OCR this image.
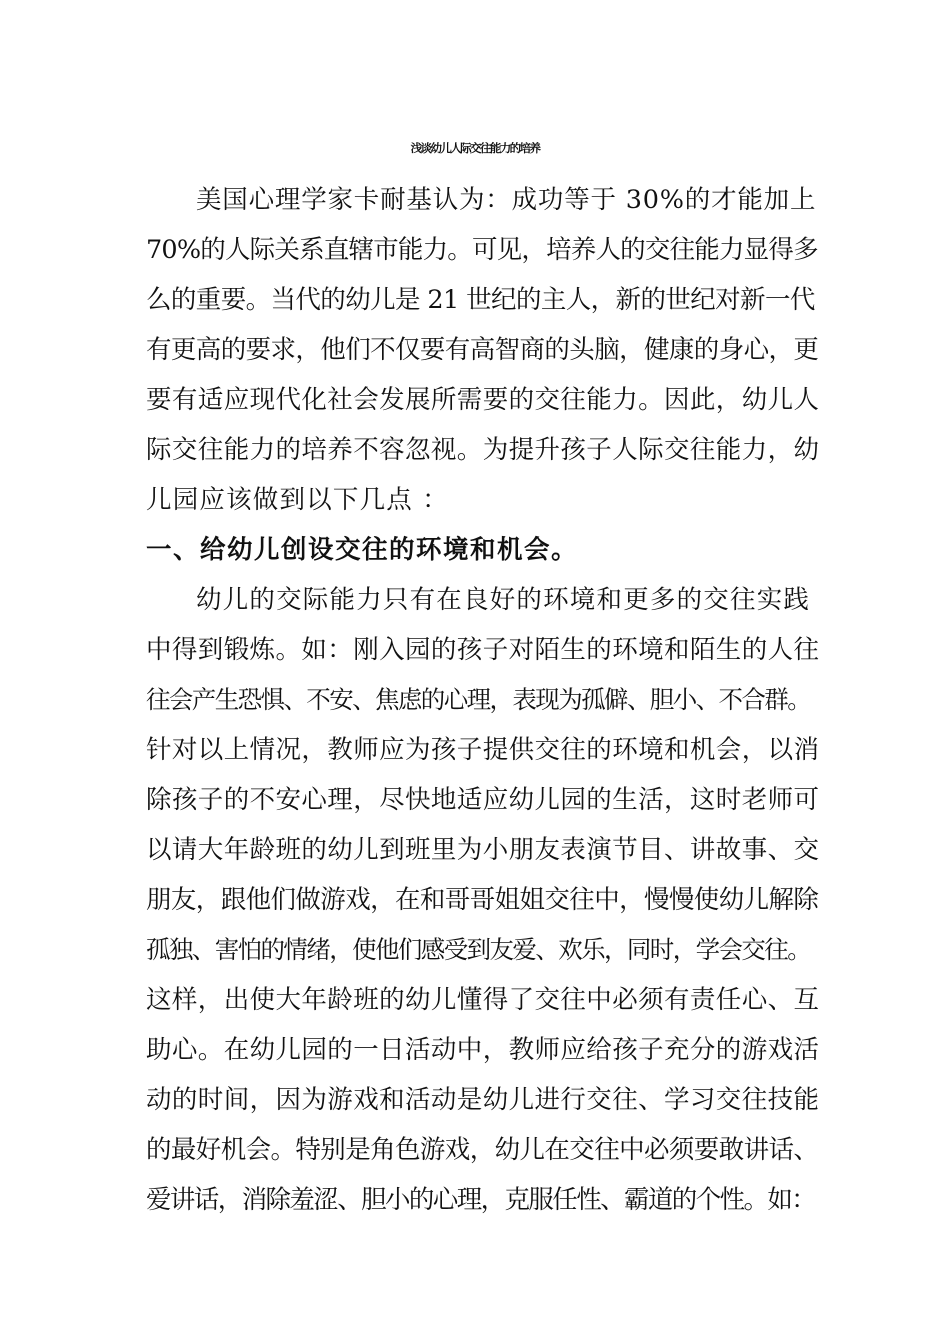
浅谈幼儿人际交往能力的培养
美国心理学家卡耐基认为：成功等于 30%的才能加上
70%的人际关系直辖市能力。可见，培养人的交往能力显得多
么的重要。当代的幼儿是 21 世纪的主人，新的世纪对新一代
有更高的要求，他们不仅要有高智商的头脑，健康的身心，更
要有适应现代化社会发展所需要的交往能力。因此，幼儿人
际交往能力的培养不容忽视。为提升孩子人际交往能力，幼
儿园应该做到以下几点 ：
一、给幼儿创设交往的环境和机会。
幼儿的交际能力只有在良好的环境和更多的交往实践
中得到锻炼。如：刚入园的孩子对陌生的环境和陌生的人往
往会产生恐惧、不安、焦虑的心理，表现为孤僻、胆小、不合群。
针对以上情况，教师应为孩子提供交往的环境和机会，以消
除孩子的不安心理，尽快地适应幼儿园的生活，这时老师可
以请大年龄班的幼儿到班里为小朋友表演节目、讲故事、交
朋友，跟他们做游戏，在和哥哥姐姐交往中，慢慢使幼儿解除
孤独、害怕的情绪，使他们感受到友爱、欢乐，同时，学会交往。
这样，出使大年龄班的幼儿懂得了交往中必须有责任心、互
助心。在幼儿园的一日活动中，教师应给孩子充分的游戏活
动的时间，因为游戏和活动是幼儿进行交往、学习交往技能
的最好机会。特别是角色游戏，幼儿在交往中必须要敢讲话、
爱讲话，消除羞涩、胆小的心理，克服任性、霸道的个性。如：
